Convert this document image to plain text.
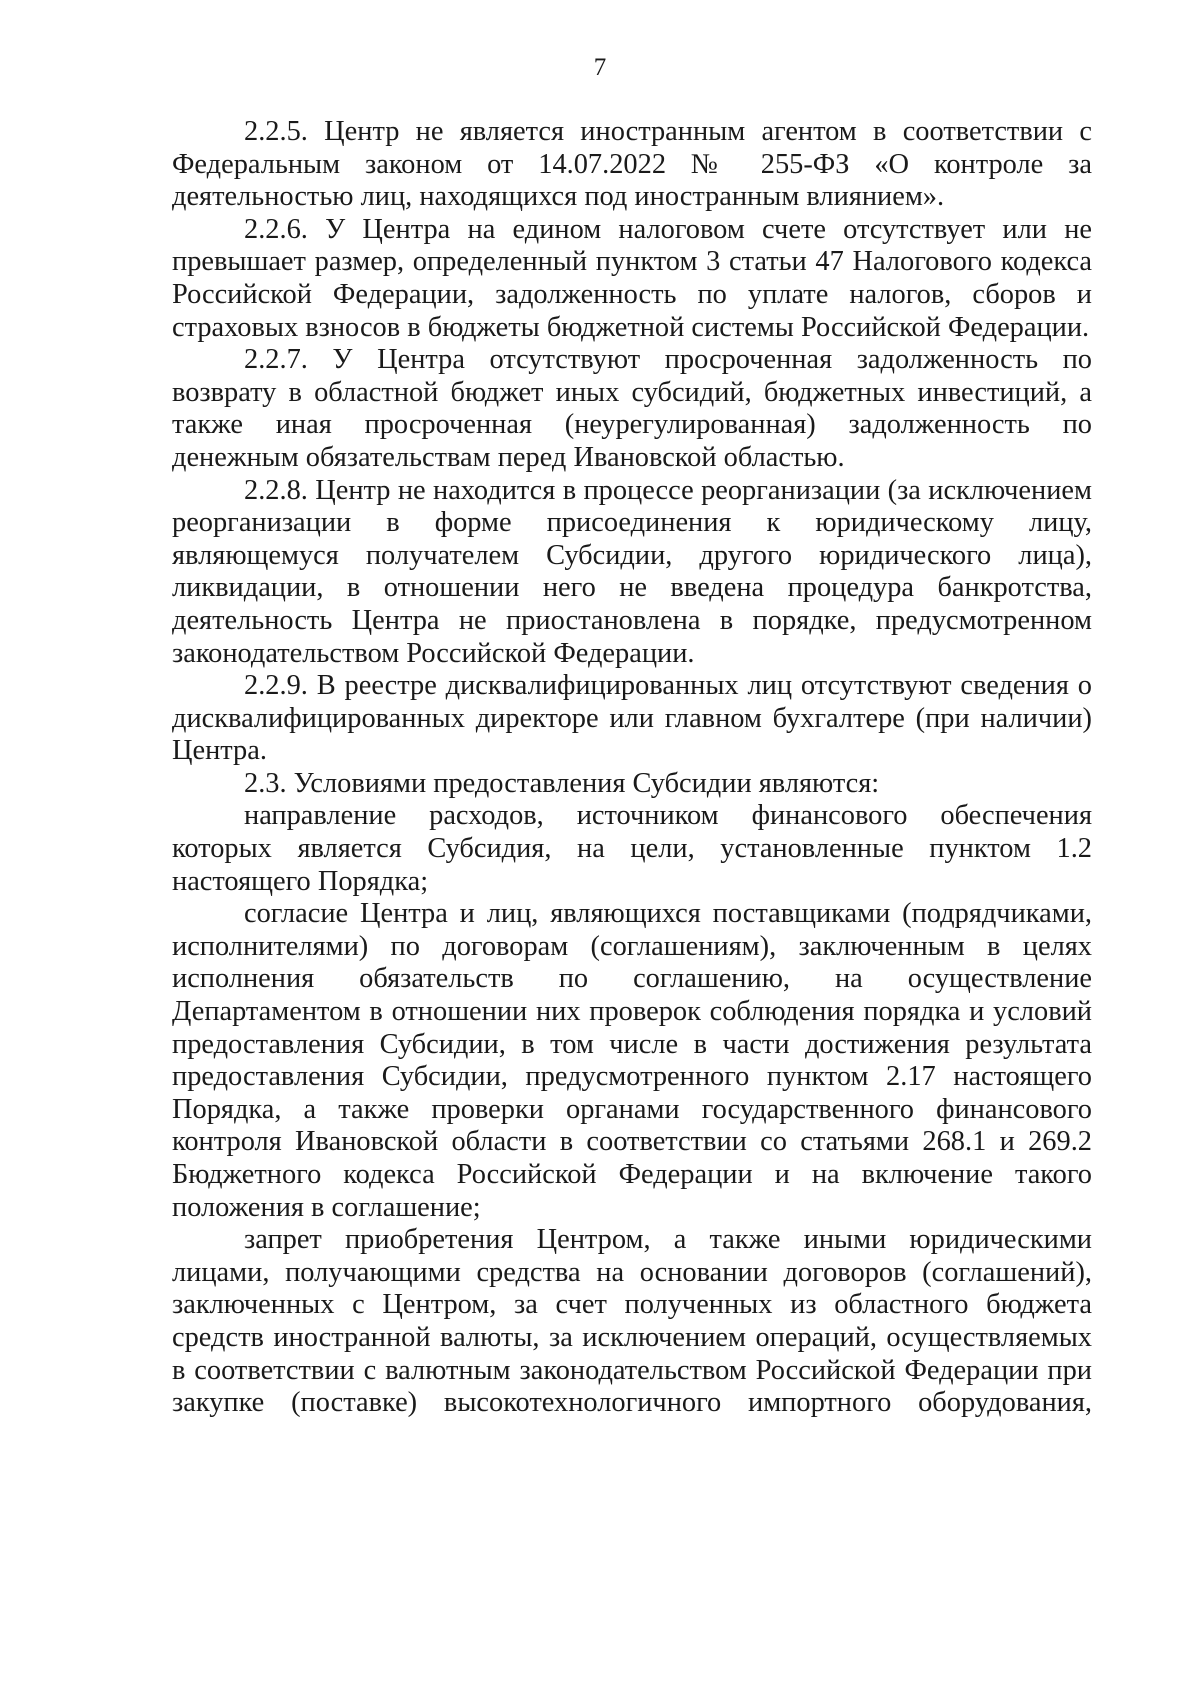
7

2.2.5. Центр не является иностранным агентом в соответствии с Федеральным законом от 14.07.2022 № 255-ФЗ «О контроле за деятельностью лиц, находящихся под иностранным влиянием».

2.2.6. У Центра на едином налоговом счете отсутствует или не превышает размер, определенный пунктом 3 статьи 47 Налогового кодекса Российской Федерации, задолженность по уплате налогов, сборов и страховых взносов в бюджеты бюджетной системы Российской Федерации.

2.2.7. У Центра отсутствуют просроченная задолженность по возврату в областной бюджет иных субсидий, бюджетных инвестиций, а также иная просроченная (неурегулированная) задолженность по денежным обязательствам перед Ивановской областью.

2.2.8. Центр не находится в процессе реорганизации (за исключением реорганизации в форме присоединения к юридическому лицу, являющемуся получателем Субсидии, другого юридического лица), ликвидации, в отношении него не введена процедура банкротства, деятельность Центра не приостановлена в порядке, предусмотренном законодательством Российской Федерации.

2.2.9. В реестре дисквалифицированных лиц отсутствуют сведения о дисквалифицированных директоре или главном бухгалтере (при наличии) Центра.

2.3. Условиями предоставления Субсидии являются:

направление расходов, источником финансового обеспечения которых является Субсидия, на цели, установленные пунктом 1.2 настоящего Порядка;

согласие Центра и лиц, являющихся поставщиками (подрядчиками, исполнителями) по договорам (соглашениям), заключенным в целях исполнения обязательств по соглашению, на осуществление Департаментом в отношении них проверок соблюдения порядка и условий предоставления Субсидии, в том числе в части достижения результата предоставления Субсидии, предусмотренного пунктом 2.17 настоящего Порядка, а также проверки органами государственного финансового контроля Ивановской области в соответствии со статьями 268.1 и 269.2 Бюджетного кодекса Российской Федерации и на включение такого положения в соглашение;

запрет приобретения Центром, а также иными юридическими лицами, получающими средства на основании договоров (соглашений), заключенных с Центром, за счет полученных из областного бюджета средств иностранной валюты, за исключением операций, осуществляемых в соответствии с валютным законодательством Российской Федерации при закупке (поставке) высокотехнологичного импортного оборудования,
